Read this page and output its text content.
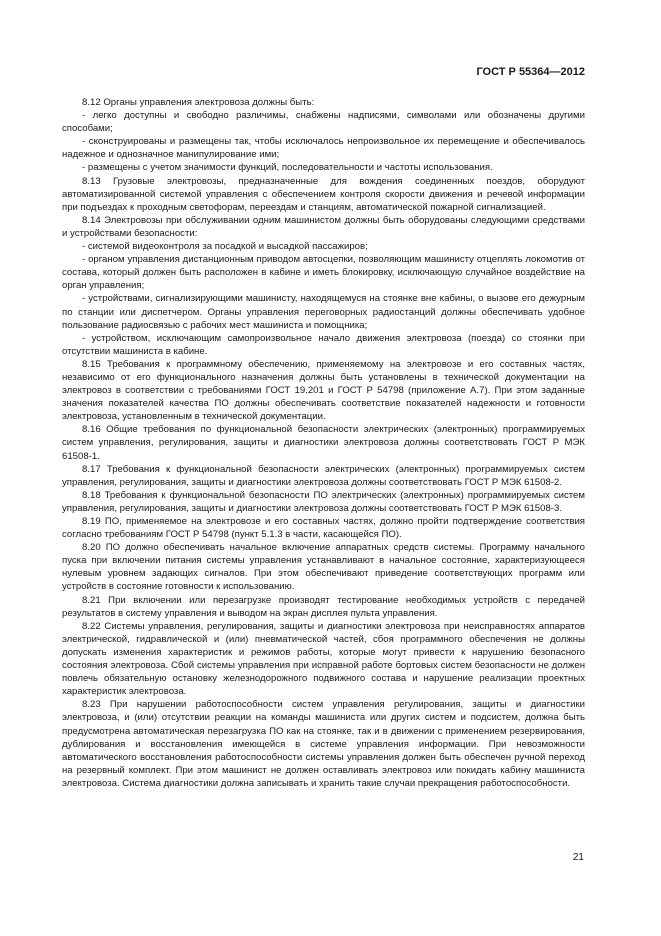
ГОСТ Р 55364—2012

8.12 Органы управления электровоза должны быть:

- легко доступны и свободно различимы, снабжены надписями, символами или обозначены другими способами;

- сконструированы и размещены так, чтобы исключалось непроизвольное их перемещение и обеспечивалось надежное и однозначное манипулирование ими;

- размещены с учетом значимости функций, последовательности и частоты использования.

8.13 Грузовые электровозы, предназначенные для вождения соединенных поездов, оборудуют автоматизированной системой управления с обеспечением контроля скорости движения и речевой информации при подъездах к проходным светофорам, переездам и станциям, автоматической пожарной сигнализацией.

8.14 Электровозы при обслуживании одним машинистом должны быть оборудованы следующими средствами и устройствами безопасности:

- системой видеоконтроля за посадкой и высадкой пассажиров;

- органом управления дистанционным приводом автосцепки, позволяющим машинисту отцеплять локомотив от состава, который должен быть расположен в кабине и иметь блокировку, исключающую случайное воздействие на орган управления;

- устройствами, сигнализирующими машинисту, находящемуся на стоянке вне кабины, о вызове его дежурным по станции или диспетчером. Органы управления переговорных радиостанций должны обеспечивать удобное пользование радиосвязью с рабочих мест машиниста и помощника;

- устройством, исключающим самопроизвольное начало движения электровоза (поезда) со стоянки при отсутствии машиниста в кабине.

8.15 Требования к программному обеспечению, применяемому на электровозе и его составных частях, независимо от его функционального назначения должны быть установлены в технической документации на электровоз в соответствии с требованиями ГОСТ 19.201 и ГОСТ Р 54798 (приложение А.7). При этом заданные значения показателей качества ПО должны обеспечивать соответствие показателей надежности и готовности электровоза, установленным в технической документации.

8.16 Общие требования по функциональной безопасности электрических (электронных) программируемых систем управления, регулирования, защиты и диагностики электровоза должны соответствовать ГОСТ Р МЭК 61508-1.

8.17 Требования к функциональной безопасности электрических (электронных) программируемых систем управления, регулирования, защиты и диагностики электровоза должны соответствовать ГОСТ Р МЭК 61508-2.

8.18 Требования к функциональной безопасности ПО электрических (электронных) программируемых систем управления, регулирования, защиты и диагностики электровоза должны соответствовать ГОСТ Р МЭК 61508-3.

8.19 ПО, применяемое на электровозе и его составных частях, должно пройти подтверждение соответствия согласно требованиям ГОСТ Р 54798 (пункт 5.1.3 в части, касающейся ПО).

8.20 ПО должно обеспечивать начальное включение аппаратных средств системы. Программу начального пуска при включении питания системы управления устанавливают в начальное состояние, характеризующееся нулевым уровнем задающих сигналов. При этом обеспечивают приведение соответствующих программ или устройств в состояние готовности к использованию.

8.21 При включении или перезагрузке производят тестирование необходимых устройств с передачей результатов в систему управления и выводом на экран дисплея пульта управления.

8.22 Системы управления, регулирования, защиты и диагностики электровоза при неисправностях аппаратов электрической, гидравлической и (или) пневматической частей, сбоя программного обеспечения не должны допускать изменения характеристик и режимов работы, которые могут привести к нарушению безопасного состояния электровоза. Сбой системы управления при исправной работе бортовых систем безопасности не должен повлечь обязательную остановку железнодорожного подвижного состава и нарушение реализации проектных характеристик электровоза.

8.23 При нарушении работоспособности систем управления регулирования, защиты и диагностики электровоза, и (или) отсутствии реакции на команды машиниста или других систем и подсистем, должна быть предусмотрена автоматическая перезагрузка ПО как на стоянке, так и в движении с применением резервирования, дублирования и восстановления имеющейся в системе управления информации. При невозможности автоматического восстановления работоспособности системы управления должен быть обеспечен ручной переход на резервный комплект. При этом машинист не должен оставливать электровоз или покидать кабину машиниста электровоза. Система диагностики должна записывать и хранить такие случаи прекращения работоспособности.

21
